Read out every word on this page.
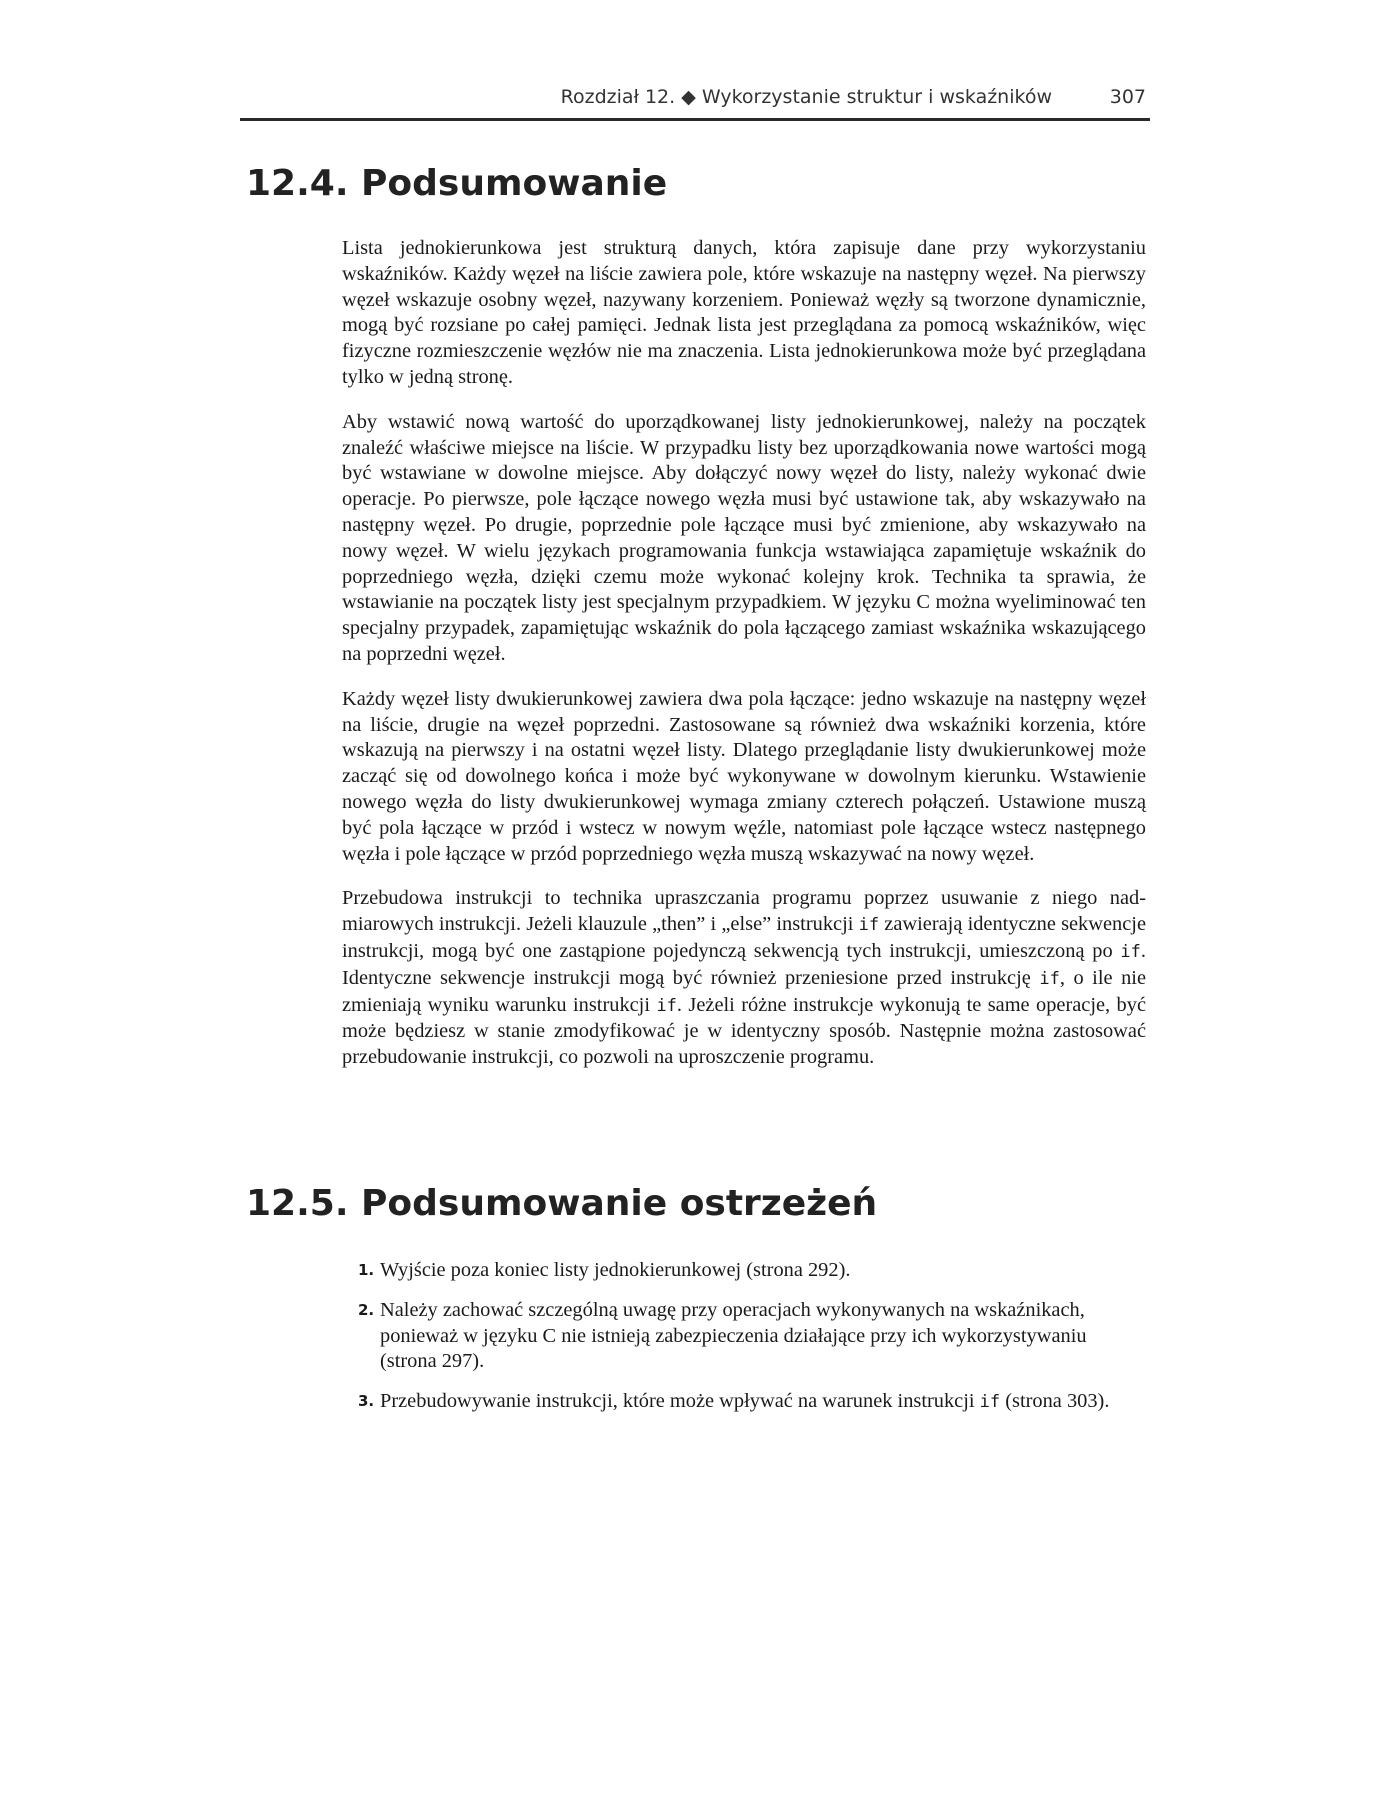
Rozdział 12. ◆ Wykorzystanie struktur i wskaźników	307
12.4. Podsumowanie

Lista jednokierunkowa jest strukturą danych, która zapisuje dane przy wykorzystaniu wskaźników. Każdy węzeł na liście zawiera pole, które wskazuje na następny węzeł. Na pierwszy węzeł wskazuje osobny węzeł, nazywany korzeniem. Ponieważ węzły są tworzone dynamicznie, mogą być rozsiane po całej pamięci. Jednak lista jest przeglądana za pomocą wskaźników, więc fizyczne rozmieszczenie węzłów nie ma znaczenia. Lista jednokierunkowa może być przeglądana tylko w jedną stronę.

Aby wstawić nową wartość do uporządkowanej listy jednokierunkowej, należy na początek znaleźć właściwe miejsce na liście. W przypadku listy bez uporządkowania nowe wartości mogą być wstawiane w dowolne miejsce. Aby dołączyć nowy węzeł do listy, należy wykonać dwie operacje. Po pierwsze, pole łączące nowego węzła musi być ustawione tak, aby wskazywało na następny węzeł. Po drugie, poprzednie pole łączące musi być zmienione, aby wskazywało na nowy węzeł. W wielu językach programowania funkcja wstawiająca zapamiętuje wskaźnik do poprzedniego węzła, dzięki czemu może wykonać kolejny krok. Technika ta sprawia, że wstawianie na początek listy jest specjalnym przypadkiem. W języku C można wyeliminować ten specjalny przypadek, zapamiętując wskaźnik do pola łączącego zamiast wskaźnika wskazującego na poprzedni węzeł.

Każdy węzeł listy dwukierunkowej zawiera dwa pola łączące: jedno wskazuje na następny węzeł na liście, drugie na węzeł poprzedni. Zastosowane są również dwa wskaźniki korzenia, które wskazują na pierwszy i na ostatni węzeł listy. Dlatego przeglądanie listy dwukierunkowej może zacząć się od dowolnego końca i może być wykonywane w dowolnym kierunku. Wstawienie nowego węzła do listy dwukierunkowej wymaga zmiany czterech połączeń. Ustawione muszą być pola łączące w przód i wstecz w nowym węźle, natomiast pole łączące wstecz następnego węzła i pole łączące w przód poprzedniego węzła muszą wskazywać na nowy węzeł.

Przebudowa instrukcji to technika upraszczania programu poprzez usuwanie z niego nadmiarowych instrukcji. Jeżeli klauzule „then” i „else” instrukcji if zawierają identyczne sekwencje instrukcji, mogą być one zastąpione pojedynczą sekwencją tych instrukcji, umieszczoną po if. Identyczne sekwencje instrukcji mogą być również przeniesione przed instrukcję if, o ile nie zmieniają wyniku warunku instrukcji if. Jeżeli różne instrukcje wykonują te same operacje, być może będziesz w stanie zmodyfikować je w identyczny sposób. Następnie można zastosować przebudowanie instrukcji, co pozwoli na uproszczenie programu.

12.5. Podsumowanie ostrzeżeń
1. Wyjście poza koniec listy jednokierunkowej (strona 292).
2. Należy zachować szczególną uwagę przy operacjach wykonywanych na wskaźnikach, ponieważ w języku C nie istnieją zabezpieczenia działające przy ich wykorzystywaniu (strona 297).
3. Przebudowywanie instrukcji, które może wpływać na warunek instrukcji if (strona 303).
